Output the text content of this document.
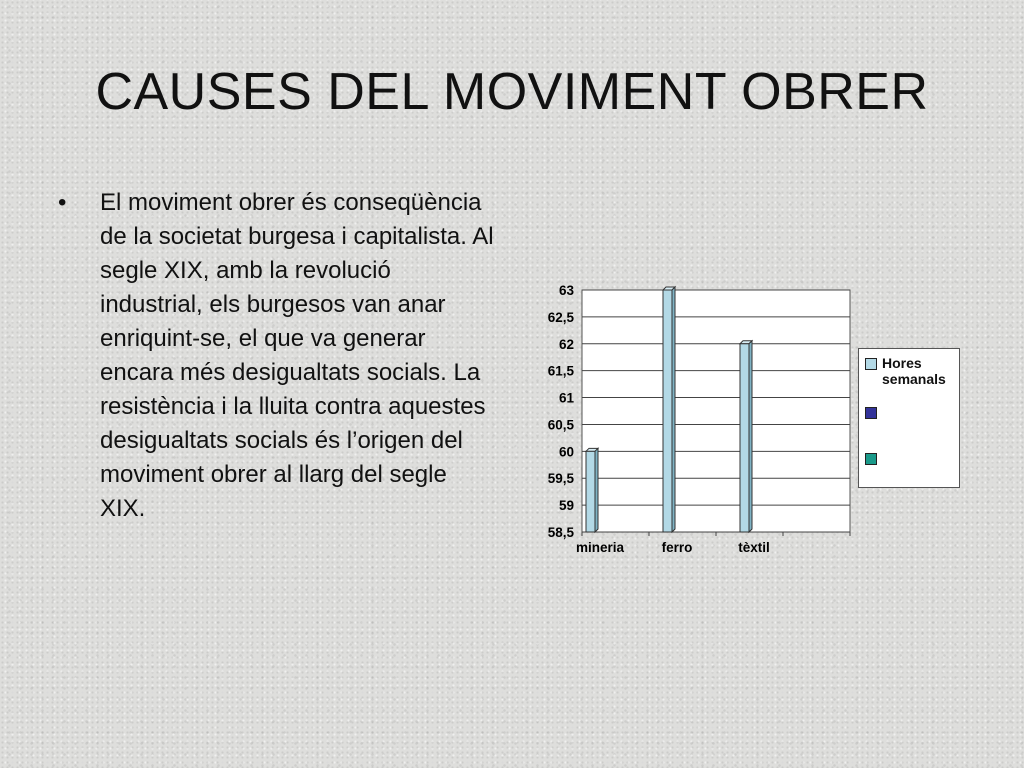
CAUSES DEL MOVIMENT OBRER
•	El moviment obrer és conseqüència de la societat burgesa i capitalista. Al segle XIX, amb la revolució industrial, els burgesos van anar enriquint-se, el que va generar encara més desigualtats socials. La resistència i la lluita contra aquestes desigualtats socials és l’origen del moviment obrer al llarg del segle XIX.
58,5
59
59,5
60
60,5
61
61,5
62
62,5
63
mineria	ferro	tèxtil
Hores semanals
